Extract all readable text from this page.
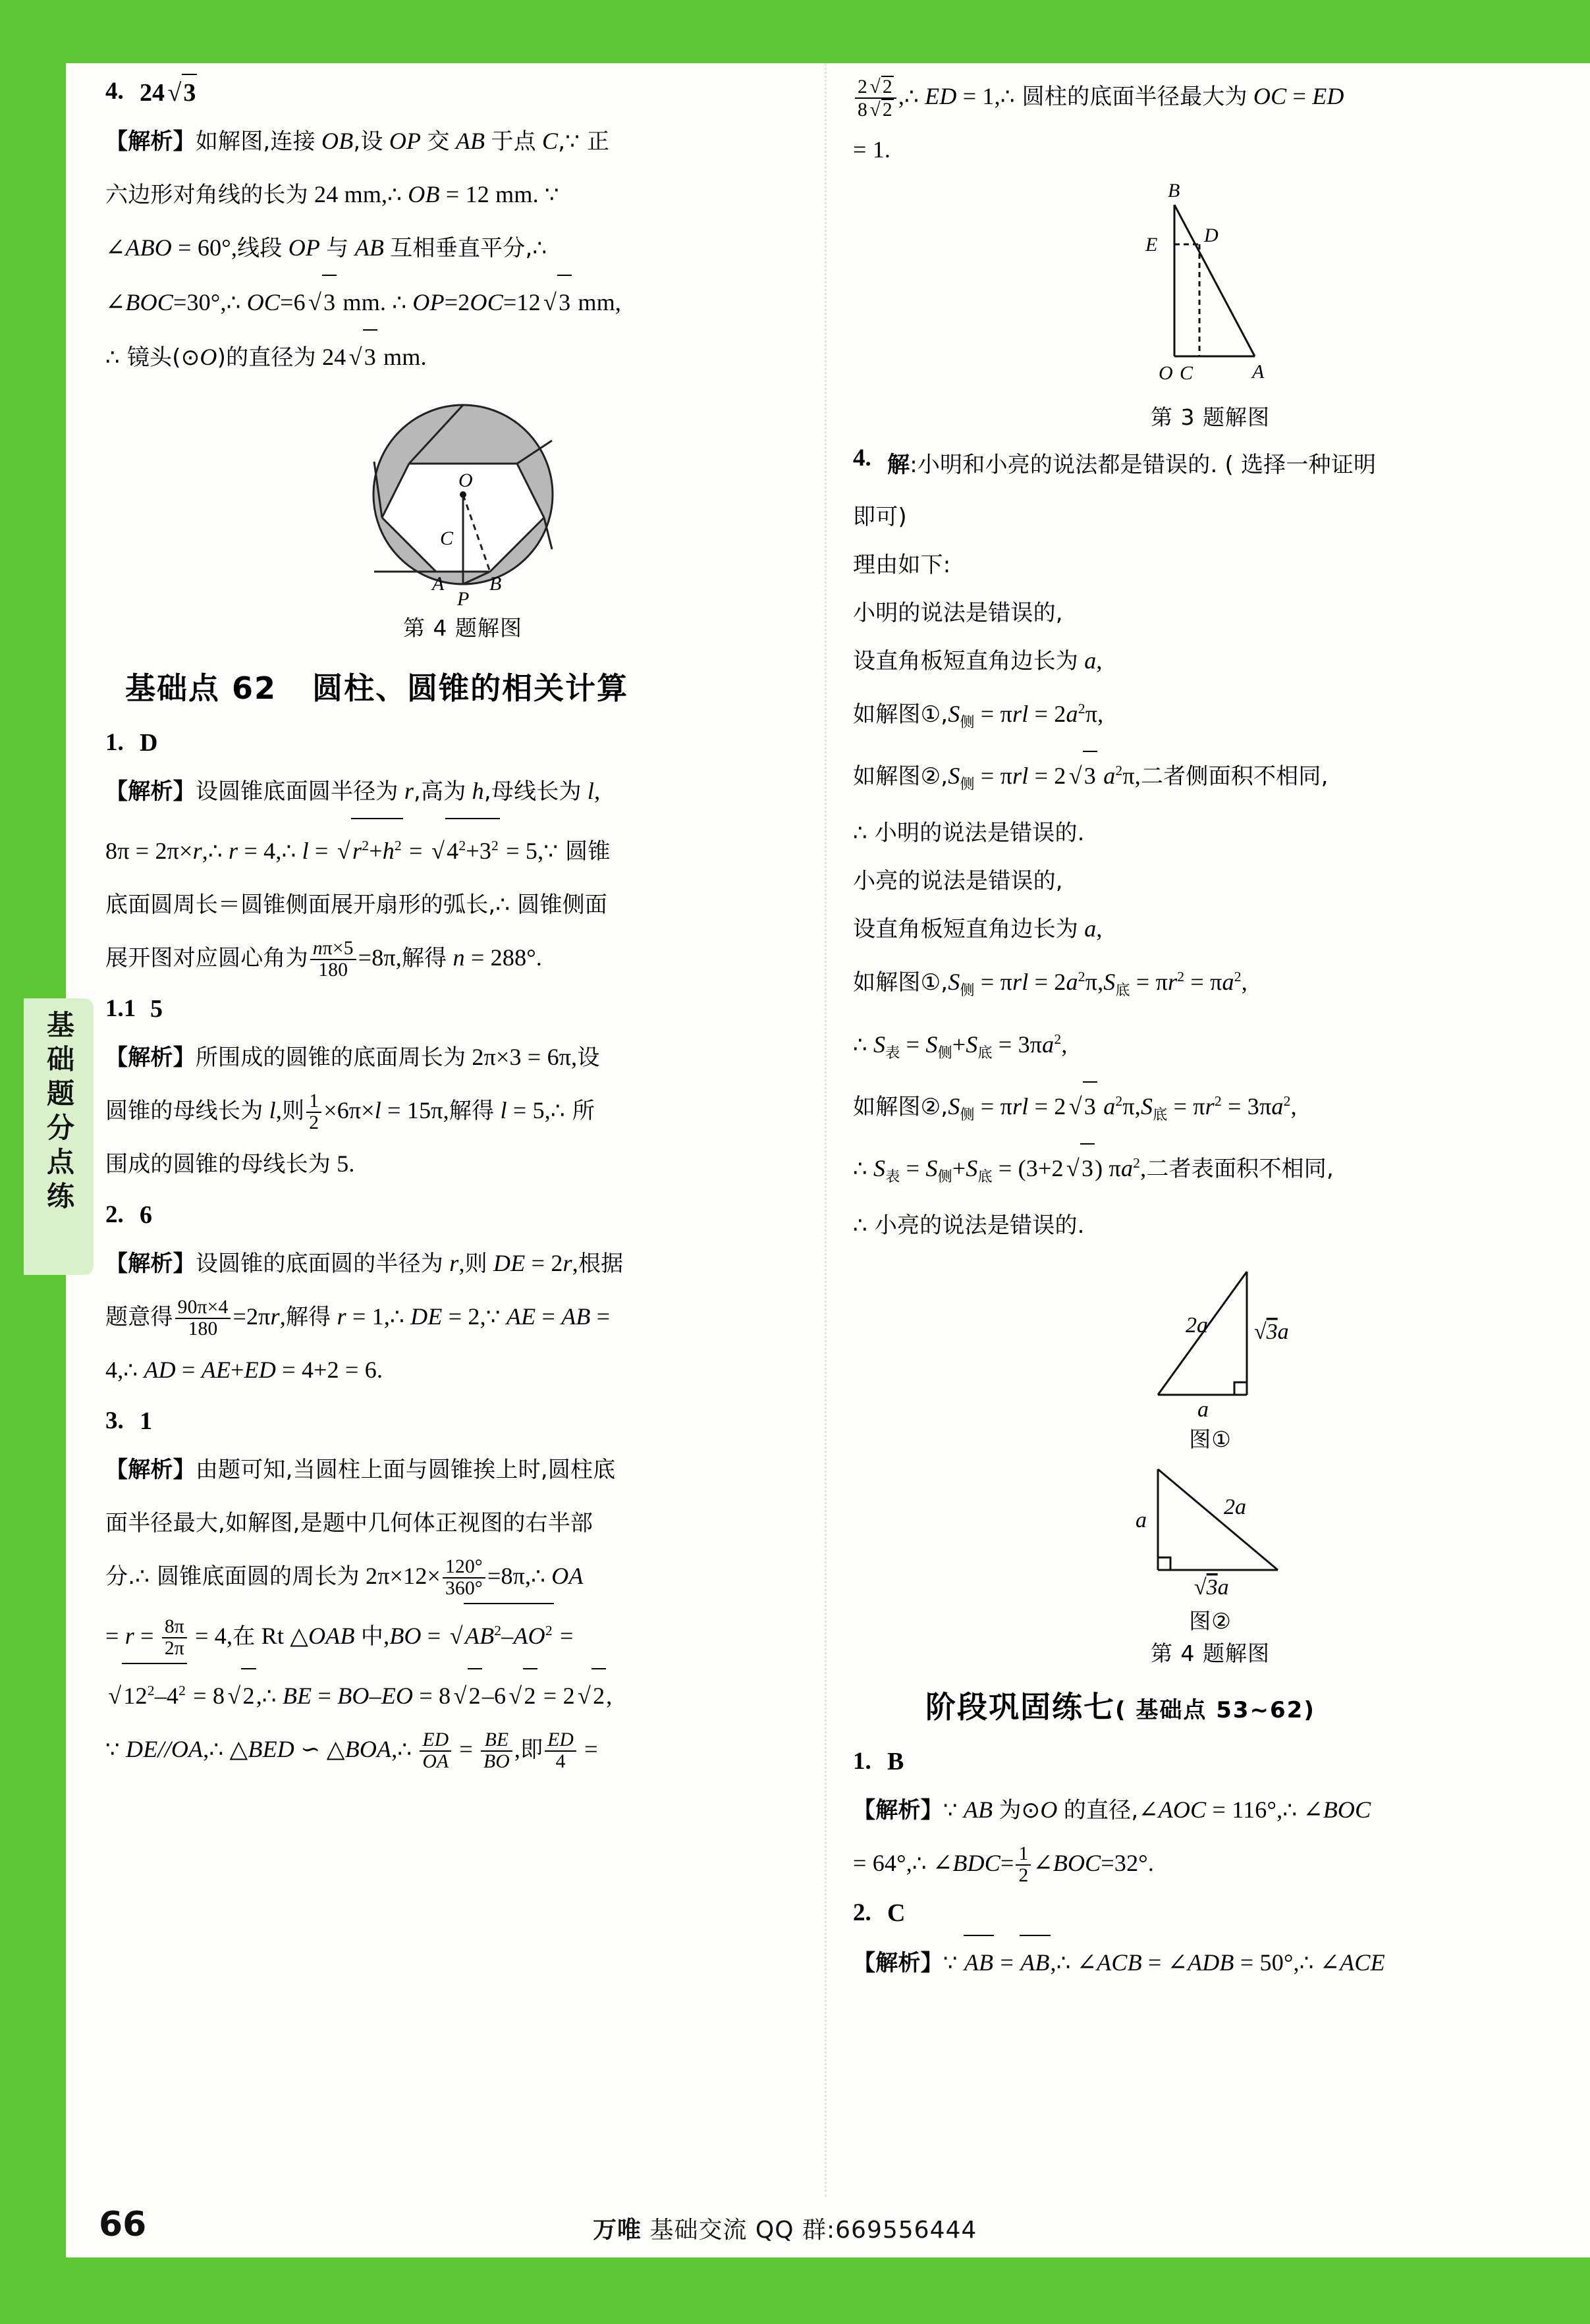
4. 24 √3

【解析】如解图,连接 OB,设 OP 交 AB 于点 C,∵ 正

六边形对角线的长为 24 mm,∴ OB = 12 mm. ∵

∠ABO = 60°,线段 OP 与 AB 互相垂直平分,∴

∠BOC=30°,∴ OC=6 √3 mm. ∴ OP=2OC=12 √3 mm,

∴ 镜头(⊙O)的直径为 24 √3 mm.

O
C
A B
P
第 4 题解图
基础点 62 圆柱、圆锥的相关计算
1. D

【解析】设圆锥底面圆半径为 r,高为 h,母线长为 l,

8π = 2π×r,∴ r = 4,∴ $l = √r^2+h^2 = √4^2+3^2$ = 5,∵ 圆锥

底面圆周长＝圆锥侧面展开扇形的弧长,∴ 圆锥侧面

展开图对应圆心角为 $\frac{n\pi\times 5}{180} =8\pi$,解得 n = 288°.

1.1 5

【解析】所围成的圆锥的底面周长为 2π×3 = 6π,设

圆锥的母线长为 l,则 $\frac{1}{2} \times 6\pi\times l = 15\pi$,解得 l = 5,∴ 所

围成的圆锥的母线长为 5.

2. 6

【解析】设圆锥的底面圆的半径为 r,则 DE = 2r,根据

题意得 $\frac{90\pi\times 4}{180} =2\pi r$,解得 r = 1,∴ DE = 2,∵ AE = AB =

4,∴ AD = AE+ED = 4+2 = 6.

3. 1

【解析】由题可知,当圆柱上面与圆锥挨上时,圆柱底

面半径最大,如解图,是题中几何体正视图的右半部

分.∴ 圆锥底面圆的周长为 $2\pi\times 12\times \frac{120^\circ}{360^\circ}$ =8π,∴ OA

= $r = \frac{8\pi}{2\pi} = 4$,在 Rt △OAB 中$,BO = √AB^2-AO^2$ =

$√12^2-4^2 = 8$ √2,∴ BE = BO–EO = 8 √2–6 √2 = 2 √2,

∵ DE//OA,∴ △BED ∽ △BOA,∴ $\frac{ED}{OA} = \frac{BE}{BO}$ ,即 $\frac{ED}{4}$ =

$\frac{2 √ 2}{8 √ 2}$ ,∴ ED = 1,∴ 圆柱的底面半径最大为 OC = ED

= 1.

B
E D
O C	A
第 3 题解图
4. 解:小明和小亮的说法都是错误的. ( 选择一种证明

即可)

理由如下:

小明的说法是错误的,

设直角板短直角边长为 a,

如解图$①,S_侧 = \pi rl = 2a^2\pi$,

如解图$②,S_侧 = \pi rl = 2$ √3 $a^2\pi$,二者侧面积不相同,

∴ 小明的说法是错误的.

小亮的说法是错误的,

设直角板短直角边长为 a,

如解图$①,S_侧 = \pi rl = 2a^2\pi,S_底 = \pi r^2 = \pi a^2$,

∴ $S_表 = S_侧+S_底 = 3\pi a^2$,

如解图$②,S_侧 = \pi rl = 2$ √3 $a^2\pi,S_底 = \pi r^2 = 3\pi a^2$,

∴ $S_表 = S_侧+S_底 = (3+2$ √3) $\pi a^2$,二者表面积不相同,

∴ 小亮的说法是错误的.

2a √3a
a
图①
a
2a
√3a
图②
第 4 题解图
阶段巩固练七( 基础点 53~62)
1. B

【解析】∵ AB 为⊙O 的直径,∠AOC = 116°,∴ ∠BOC

= 64°,∴ ∠BDC= $\frac{1}{2}$ ∠BOC=32°.

2. C

【解析】∵ AB = AB,∴ ∠ACB = ∠ADB = 50°,∴ ∠ACE

基础题分点练
66	万唯 基础交流 QQ 群:669556444
